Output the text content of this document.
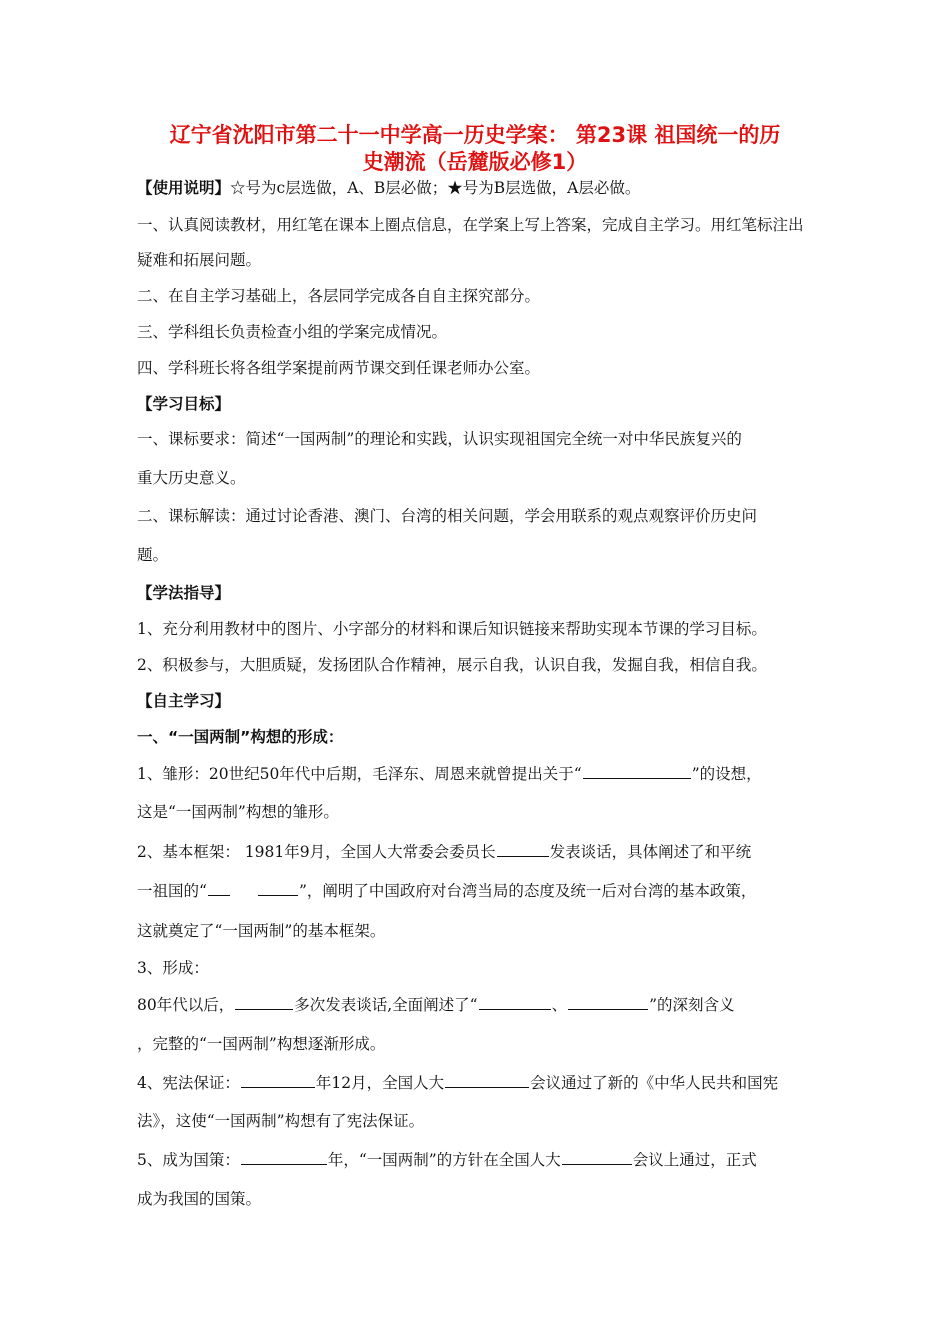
辽宁省沈阳市第二十一中学高一历史学案： 第23课 祖国统一的历
史潮流（岳麓版必修1）
【使用说明】☆号为c层选做，A、B层必做；★号为B层选做，A层必做。
一、认真阅读教材，用红笔在课本上圈点信息，在学案上写上答案，完成自主学习。用红笔标注出
疑难和拓展问题。
二、在自主学习基础上，各层同学完成各自自主探究部分。
三、学科组长负责检查小组的学案完成情况。
四、学科班长将各组学案提前两节课交到任课老师办公室。
【学习目标】
一、课标要求：简述“一国两制”的理论和实践，认识实现祖国完全统一对中华民族复兴的
重大历史意义。
二、课标解读：通过讨论香港、澳门、台湾的相关问题，学会用联系的观点观察评价历史问
题。
【学法指导】
1、充分利用教材中的图片、小字部分的材料和课后知识链接来帮助实现本节课的学习目标。
2、积极参与，大胆质疑，发扬团队合作精神，展示自我，认识自我，发掘自我，相信自我。
【自主学习】
一、“一国两制”构想的形成：
1、雏形：20世纪50年代中后期，毛泽东、周恩来就曾提出关于“	”的设想，
这是“一国两制”构想的雏形。
2、基本框架： 1981年9月，全国人大常委会委员长	发表谈话，具体阐述了和平统
一祖国的“	”，阐明了中国政府对台湾当局的态度及统一后对台湾的基本政策，
这就奠定了“一国两制”的基本框架。
3、形成：
80年代以后，	多次发表谈话,全面阐述了“	、	”的深刻含义
，完整的“一国两制”构想逐渐形成。
4、宪法保证：	年12月，全国人大	会议通过了新的《中华人民共和国宪
法》，这使“一国两制”构想有了宪法保证。
5、成为国策：	年，“一国两制”的方针在全国人大	会议上通过，正式
成为我国的国策。
